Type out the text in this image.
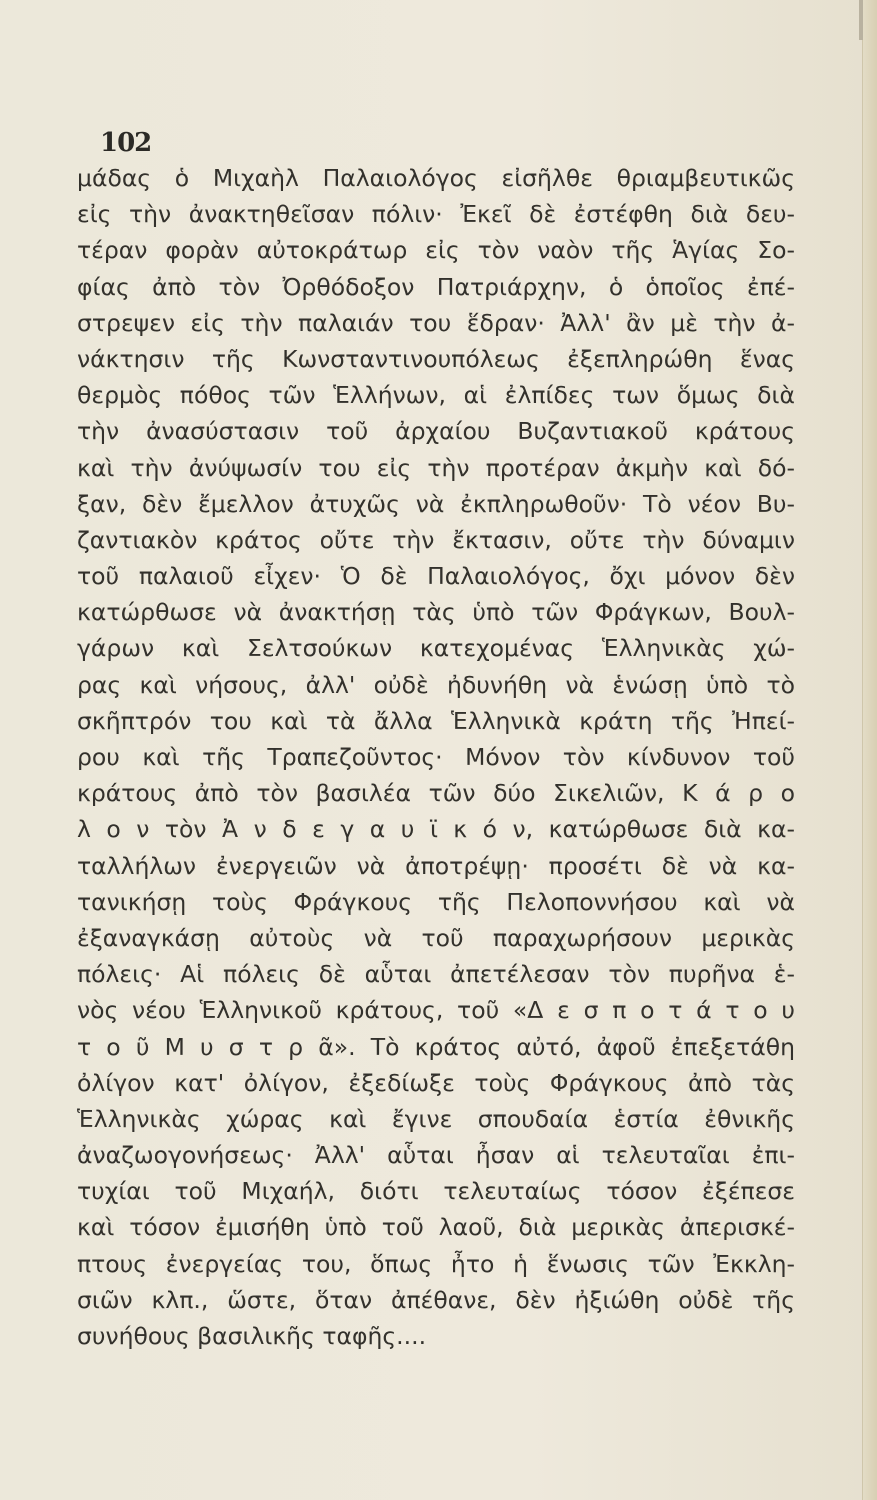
102
μάδας ὁ Μιχαὴλ Παλαιολόγος εἰσῆλθε θριαμβευτικῶς
εἰς τὴν ἀνακτηθεῖσαν πόλιν· Ἐκεῖ δὲ ἐστέφθη διὰ δευ-
τέραν φορὰν αὐτοκράτωρ εἰς τὸν ναὸν τῆς Ἁγίας Σο-
φίας ἀπὸ τὸν Ὀρθόδοξον Πατριάρχην, ὁ ὁποῖος ἐπέ-
στρεψεν εἰς τὴν παλαιάν του ἕδραν· Ἀλλ' ἂν μὲ τὴν ἀ-
νάκτησιν τῆς Κωνσταντινουπόλεως ἐξεπληρώθη ἕνας
θερμὸς πόθος τῶν Ἑλλήνων, αἱ ἐλπίδες των ὅμως διὰ
τὴν ἀνασύστασιν τοῦ ἀρχαίου Βυζαντιακοῦ κράτους
καὶ τὴν ἀνύψωσίν του εἰς τὴν προτέραν ἀκμὴν καὶ δό-
ξαν, δὲν ἔμελλον ἀτυχῶς νὰ ἐκπληρωθοῦν· Τὸ νέον Βυ-
ζαντιακὸν κράτος οὔτε τὴν ἔκτασιν, οὔτε τὴν δύναμιν
τοῦ παλαιοῦ εἶχεν· Ὁ δὲ Παλαιολόγος, ὄχι μόνον δὲν
κατώρθωσε νὰ ἀνακτήσῃ τὰς ὑπὸ τῶν Φράγκων, Βουλ-
γάρων καὶ Σελτσούκων κατεχομένας Ἑλληνικὰς χώ-
ρας καὶ νήσους, ἀλλ' οὐδὲ ἠδυνήθη νὰ ἑνώσῃ ὑπὸ τὸ
σκῆπτρόν του καὶ τὰ ἄλλα Ἑλληνικὰ κράτη τῆς Ἠπεί-
ρου καὶ τῆς Τραπεζοῦντος· Μόνον τὸν κίνδυνον τοῦ
κράτους ἀπὸ τὸν βασιλέα τῶν δύο Σικελιῶν, Κ ά ρ ο
λ ο ν τὸν Ἀ ν δ ε γ α υ ϊ κ ό ν, κατώρθωσε διὰ κα-
ταλλήλων ἐνεργειῶν νὰ ἀποτρέψῃ· προσέτι δὲ νὰ κα-
τανικήσῃ τοὺς Φράγκους τῆς Πελοποννήσου καὶ νὰ
ἐξαναγκάσῃ αὐτοὺς νὰ τοῦ παραχωρήσουν μερικὰς
πόλεις· Αἱ πόλεις δὲ αὗται ἀπετέλεσαν τὸν πυρῆνα ἑ-
νὸς νέου Ἑλληνικοῦ κράτους, τοῦ «Δ ε σ π ο τ ά τ ο υ
τ ο ῦ Μ υ σ τ ρ ᾶ». Τὸ κράτος αὐτό, ἀφοῦ ἐπεξετάθη
ὀλίγον κατ' ὀλίγον, ἐξεδίωξε τοὺς Φράγκους ἀπὸ τὰς
Ἑλληνικὰς χώρας καὶ ἔγινε σπουδαία ἑστία ἐθνικῆς
ἀναζωογονήσεως· Ἀλλ' αὗται ἦσαν αἱ τελευταῖαι ἐπι-
τυχίαι τοῦ Μιχαήλ, διότι τελευταίως τόσον ἐξέπεσε
καὶ τόσον ἐμισήθη ὑπὸ τοῦ λαοῦ, διὰ μερικὰς ἀπερισκέ-
πτους ἐνεργείας του, ὅπως ἦτο ἡ ἕνωσις τῶν Ἐκκλη-
σιῶν κλπ., ὥστε, ὅταν ἀπέθανε, δὲν ἠξιώθη οὐδὲ τῆς
συνήθους βασιλικῆς ταφῆς....
